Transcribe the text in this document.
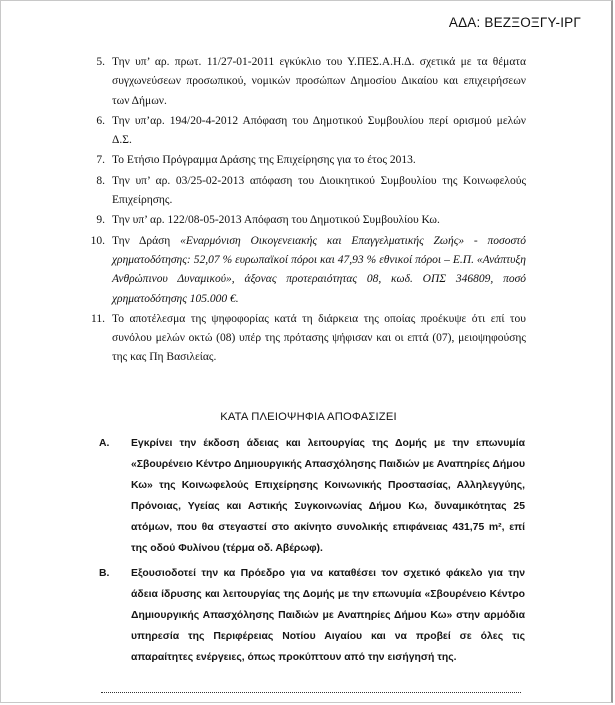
ΑΔΑ: ΒΕΖΞΟΞΓΥ-ΙΡΓ
5. Την υπ’ αρ. πρωτ. 11/27-01-2011 εγκύκλιο του Υ.ΠΕΣ.Α.Η.Δ. σχετικά με τα θέματα συγχωνεύσεων προσωπικού, νομικών προσώπων Δημοσίου Δικαίου και επιχειρήσεων των Δήμων.
6. Την υπ’αρ. 194/20-4-2012 Απόφαση του Δημοτικού Συμβουλίου περί ορισμού μελών Δ.Σ.
7. Το Ετήσιο Πρόγραμμα Δράσης της Επιχείρησης για το έτος 2013.
8. Την υπ’ αρ. 03/25-02-2013 απόφαση του Διοικητικού Συμβουλίου της Κοινωφελούς Επιχείρησης.
9. Την υπ’ αρ. 122/08-05-2013 Απόφαση του Δημοτικού Συμβουλίου Κω.
10. Την Δράση «Εναρμόνιση Οικογενειακής και Επαγγελματικής Ζωής» - ποσοστό χρηματοδότησης: 52,07 % ευρωπαϊκοί πόροι και 47,93 % εθνικοί πόροι – Ε.Π. «Ανάπτυξη Ανθρώπινου Δυναμικού», άξονας προτεραιότητας 08, κωδ. ΟΠΣ 346809, ποσό χρηματοδότησης 105.000 €.
11. Το αποτέλεσμα της ψηφοφορίας κατά τη διάρκεια της οποίας προέκυψε ότι επί του συνόλου μελών οκτώ (08) υπέρ της πρότασης ψήφισαν και οι επτά (07), μειοψηφούσης της κας Πη Βασιλείας.
ΚΑΤΑ ΠΛΕΙΟΨΗΦΙΑ ΑΠΟΦΑΣΙΖΕΙ
Α.	Εγκρίνει την έκδοση άδειας και λειτουργίας της Δομής με την επωνυμία «Σβουρένειο Κέντρο Δημιουργικής Απασχόλησης Παιδιών με Αναπηρίες Δήμου Κω» της Κοινωφελούς Επιχείρησης Κοινωνικής Προστασίας, Αλληλεγγύης, Πρόνοιας, Υγείας και Αστικής Συγκοινωνίας Δήμου Κω, δυναμικότητας 25 ατόμων, που θα στεγαστεί στο ακίνητο συνολικής επιφάνειας 431,75 m², επί της οδού Φυλίνου (τέρμα οδ. Αβέρωφ).
Β.	Εξουσιοδοτεί την κα Πρόεδρο για να καταθέσει τον σχετικό φάκελο για την άδεια ίδρυσης και λειτουργίας της Δομής με την επωνυμία «Σβουρένειο Κέντρο Δημιουργικής Απασχόλησης Παιδιών με Αναπηρίες Δήμου Κω» στην αρμόδια υπηρεσία της Περιφέρειας Νοτίου Αιγαίου και να προβεί σε όλες τις απαραίτητες ενέργειες, όπως προκύπτουν από την εισήγησή της.
